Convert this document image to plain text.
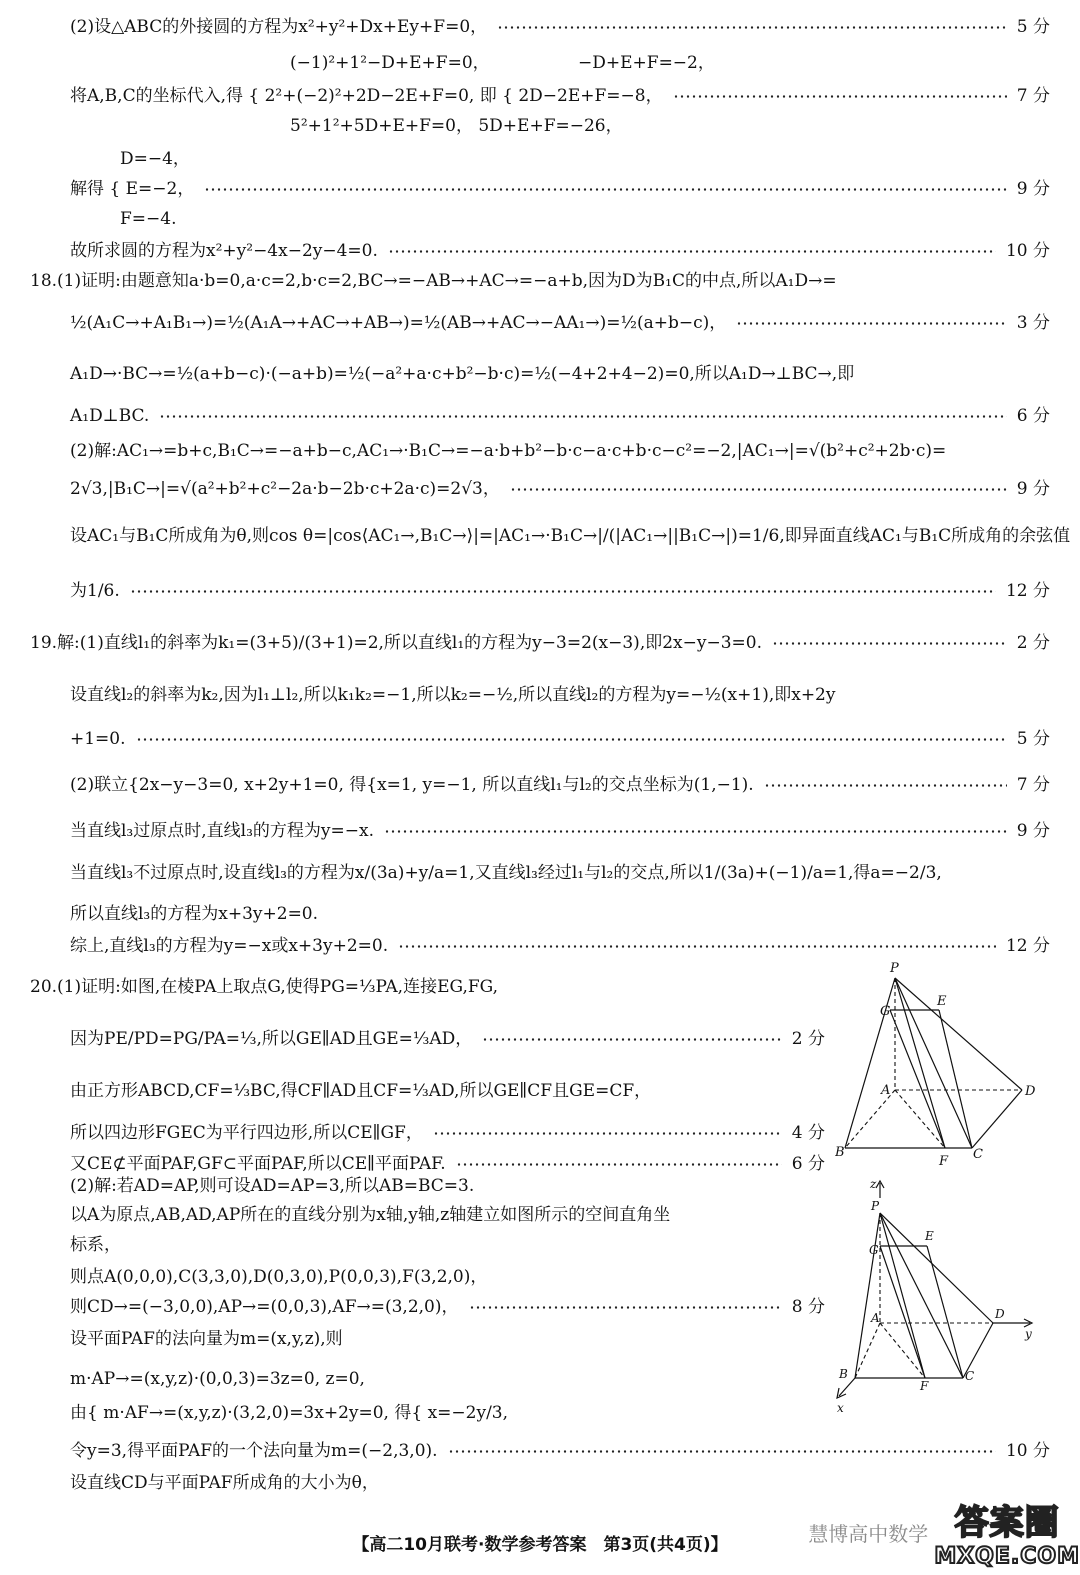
(2)设△ABC的外接圆的方程为x²+y²+Dx+Ey+F=0，	5 分
(−1)²+1²−D+E+F=0，
将A,B,C的坐标代入,得 { 2²+(−2)²+2D−2E+F=0, 即 { 2D−2E+F=−8，	7 分
5²+1²+5D+E+F=0， 5D+E+F=−26，
−D+E+F=−2，
D=−4，
解得 { E=−2，	9 分
F=−4.
故所求圆的方程为x²+y²−4x−2y−4=0.	10 分
18.(1)证明:由题意知a·b=0,a·c=2,b·c=2,BC→=−AB→+AC→=−a+b,因为D为B₁C的中点,所以A₁D→=
½(A₁C→+A₁B₁→)=½(A₁A→+AC→+AB→)=½(AB→+AC→−AA₁→)=½(a+b−c)，	3 分
A₁D→·BC→=½(a+b−c)·(−a+b)=½(−a²+a·c+b²−b·c)=½(−4+2+4−2)=0,所以A₁D→⊥BC→,即
A₁D⊥BC.	6 分
(2)解:AC₁→=b+c,B₁C→=−a+b−c,AC₁→·B₁C→=−a·b+b²−b·c−a·c+b·c−c²=−2,|AC₁→|=√(b²+c²+2b·c)=
2√3,|B₁C→|=√(a²+b²+c²−2a·b−2b·c+2a·c)=2√3，	9 分
设AC₁与B₁C所成角为θ,则cos θ=|cos⟨AC₁→,B₁C→⟩|=|AC₁→·B₁C→|/(|AC₁→||B₁C→|)=1/6,即异面直线AC₁与B₁C所成角的余弦值
为1/6.	12 分
19.解:(1)直线l₁的斜率为k₁=(3+5)/(3+1)=2,所以直线l₁的方程为y−3=2(x−3),即2x−y−3=0.	2 分
设直线l₂的斜率为k₂,因为l₁⊥l₂,所以k₁k₂=−1,所以k₂=−½,所以直线l₂的方程为y=−½(x+1),即x+2y
+1=0.	5 分
(2)联立{2x−y−3=0, x+2y+1=0, 得{x=1, y=−1, 所以直线l₁与l₂的交点坐标为(1,−1).	7 分
当直线l₃过原点时,直线l₃的方程为y=−x.	9 分
当直线l₃不过原点时,设直线l₃的方程为x/(3a)+y/a=1,又直线l₃经过l₁与l₂的交点,所以1/(3a)+(−1)/a=1,得a=−2/3,
所以直线l₃的方程为x+3y+2=0.
综上,直线l₃的方程为y=−x或x+3y+2=0.	12 分
20.(1)证明:如图,在棱PA上取点G,使得PG=⅓PA,连接EG,FG,
因为PE/PD=PG/PA=⅓,所以GE∥AD且GE=⅓AD，	2 分
由正方形ABCD,CF=⅓BC,得CF∥AD且CF=⅓AD,所以GE∥CF且GE=CF，
所以四边形FGEC为平行四边形,所以CE∥GF，	4 分
又CE⊄平面PAF,GF⊂平面PAF,所以CE∥平面PAF.	6 分
(2)解:若AD=AP,则可设AD=AP=3,所以AB=BC=3.
以A为原点,AB,AD,AP所在的直线分别为x轴,y轴,z轴建立如图所示的空间直角坐
标系，
则点A(0,0,0),C(3,3,0),D(0,3,0),P(0,0,3),F(3,2,0)，
则CD→=(−3,0,0),AP→=(0,0,3),AF→=(3,2,0)，	8 分
设平面PAF的法向量为m=(x,y,z),则
m·AP→=(x,y,z)·(0,0,3)=3z=0, z=0,
由{ m·AF→=(x,y,z)·(3,2,0)=3x+2y=0, 得{ x=−2y/3,
令y=3,得平面PAF的一个法向量为m=(−2,3,0).	10 分
设直线CD与平面PAF所成角的大小为θ，
P
E
G
A	D
B
F C
z
P
E
G
A	D
y
B
F
C
x
慧博高中数学 答案圈
MXQE.COM
【高二10月联考·数学参考答案　第3页(共4页)】
